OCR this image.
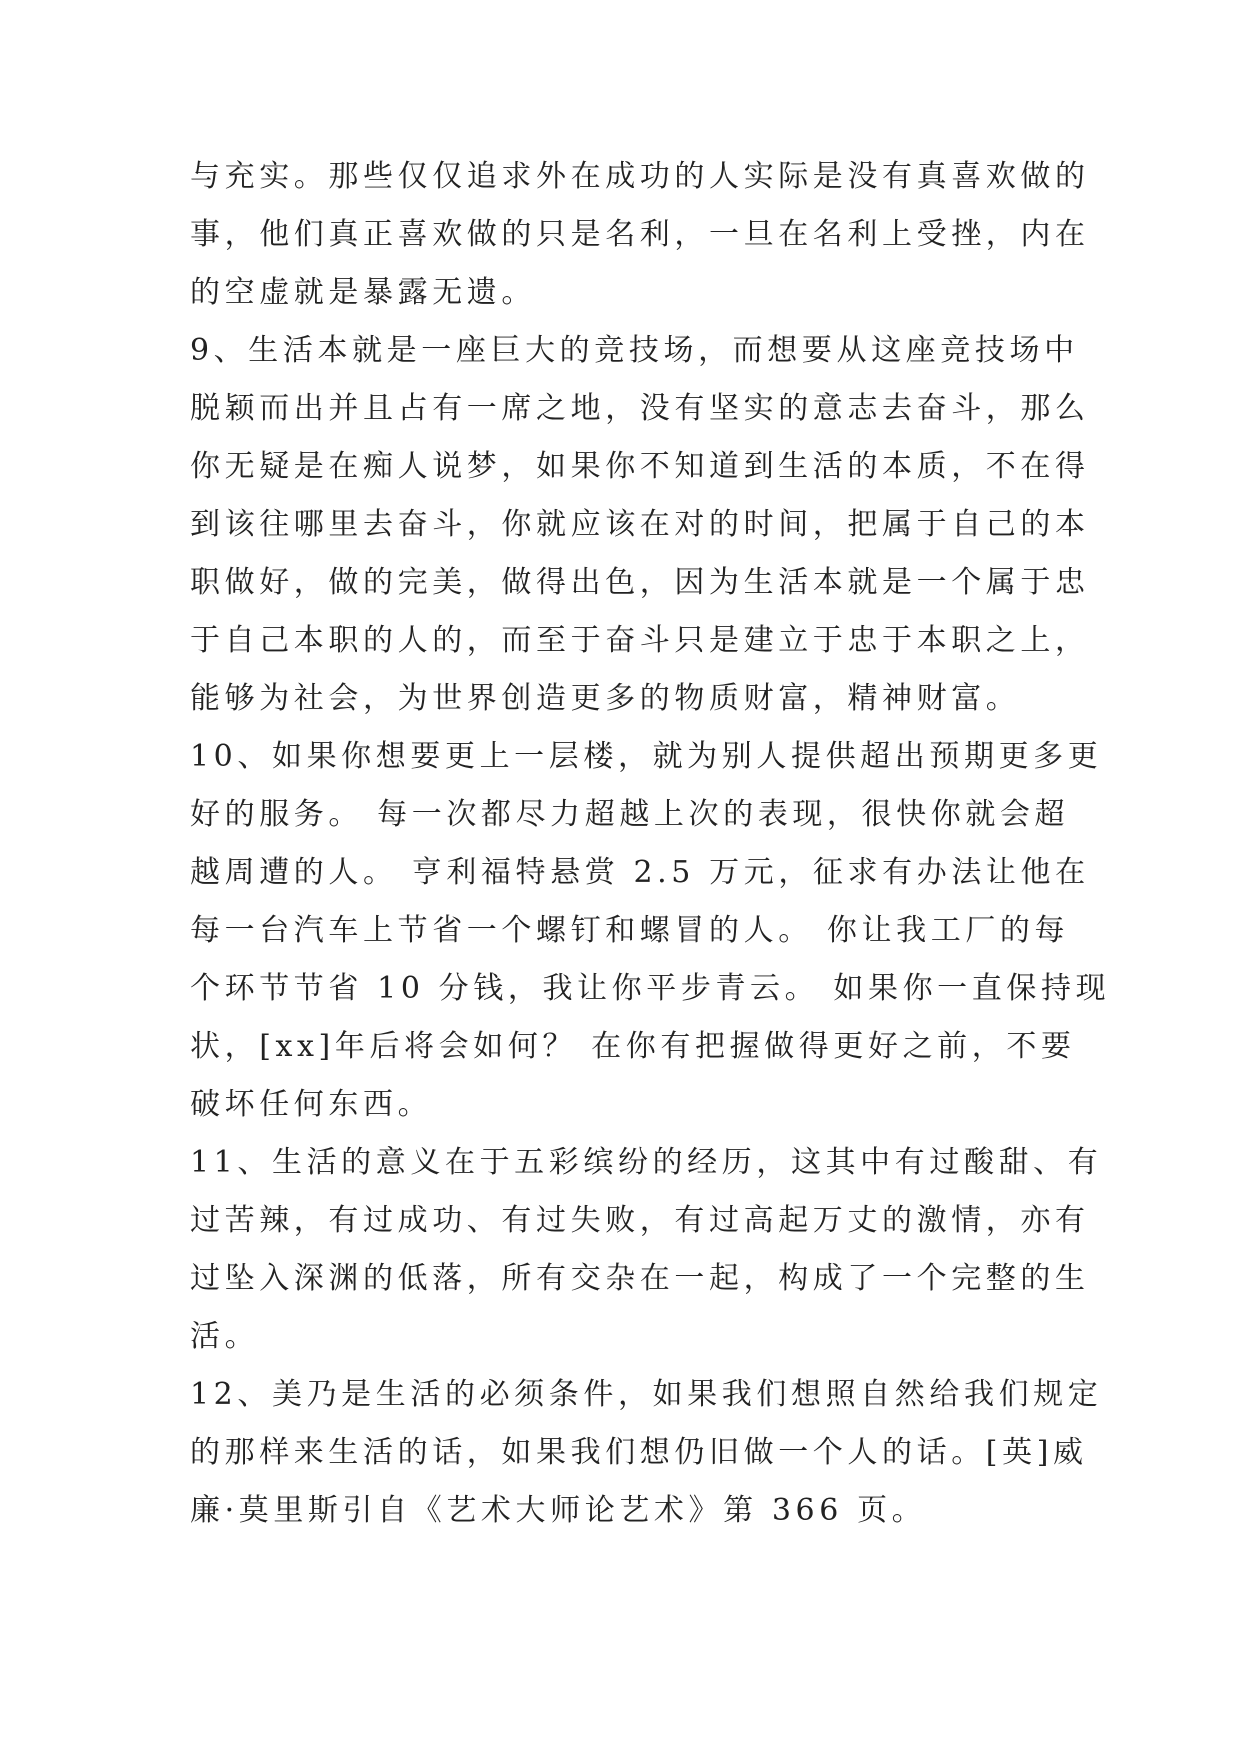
与充实。那些仅仅追求外在成功的人实际是没有真喜欢做的
事，他们真正喜欢做的只是名利，一旦在名利上受挫，内在
的空虚就是暴露无遗。
9、生活本就是一座巨大的竞技场，而想要从这座竞技场中
脱颖而出并且占有一席之地，没有坚实的意志去奋斗，那么
你无疑是在痴人说梦，如果你不知道到生活的本质，不在得
到该往哪里去奋斗，你就应该在对的时间，把属于自己的本
职做好，做的完美，做得出色，因为生活本就是一个属于忠
于自己本职的人的，而至于奋斗只是建立于忠于本职之上，
能够为社会，为世界创造更多的物质财富，精神财富。
10、如果你想要更上一层楼，就为别人提供超出预期更多更
好的服务。 每一次都尽力超越上次的表现，很快你就会超
越周遭的人。 亨利福特悬赏 2.5 万元，征求有办法让他在
每一台汽车上节省一个螺钉和螺冒的人。 你让我工厂的每
个环节节省 10 分钱，我让你平步青云。 如果你一直保持现
状，[xx]年后将会如何？ 在你有把握做得更好之前，不要
破坏任何东西。
11、生活的意义在于五彩缤纷的经历，这其中有过酸甜、有
过苦辣，有过成功、有过失败，有过高起万丈的激情，亦有
过坠入深渊的低落，所有交杂在一起，构成了一个完整的生
活。
12、美乃是生活的必须条件，如果我们想照自然给我们规定
的那样来生活的话，如果我们想仍旧做一个人的话。[英]威
廉·莫里斯引自《艺术大师论艺术》第 366 页。
